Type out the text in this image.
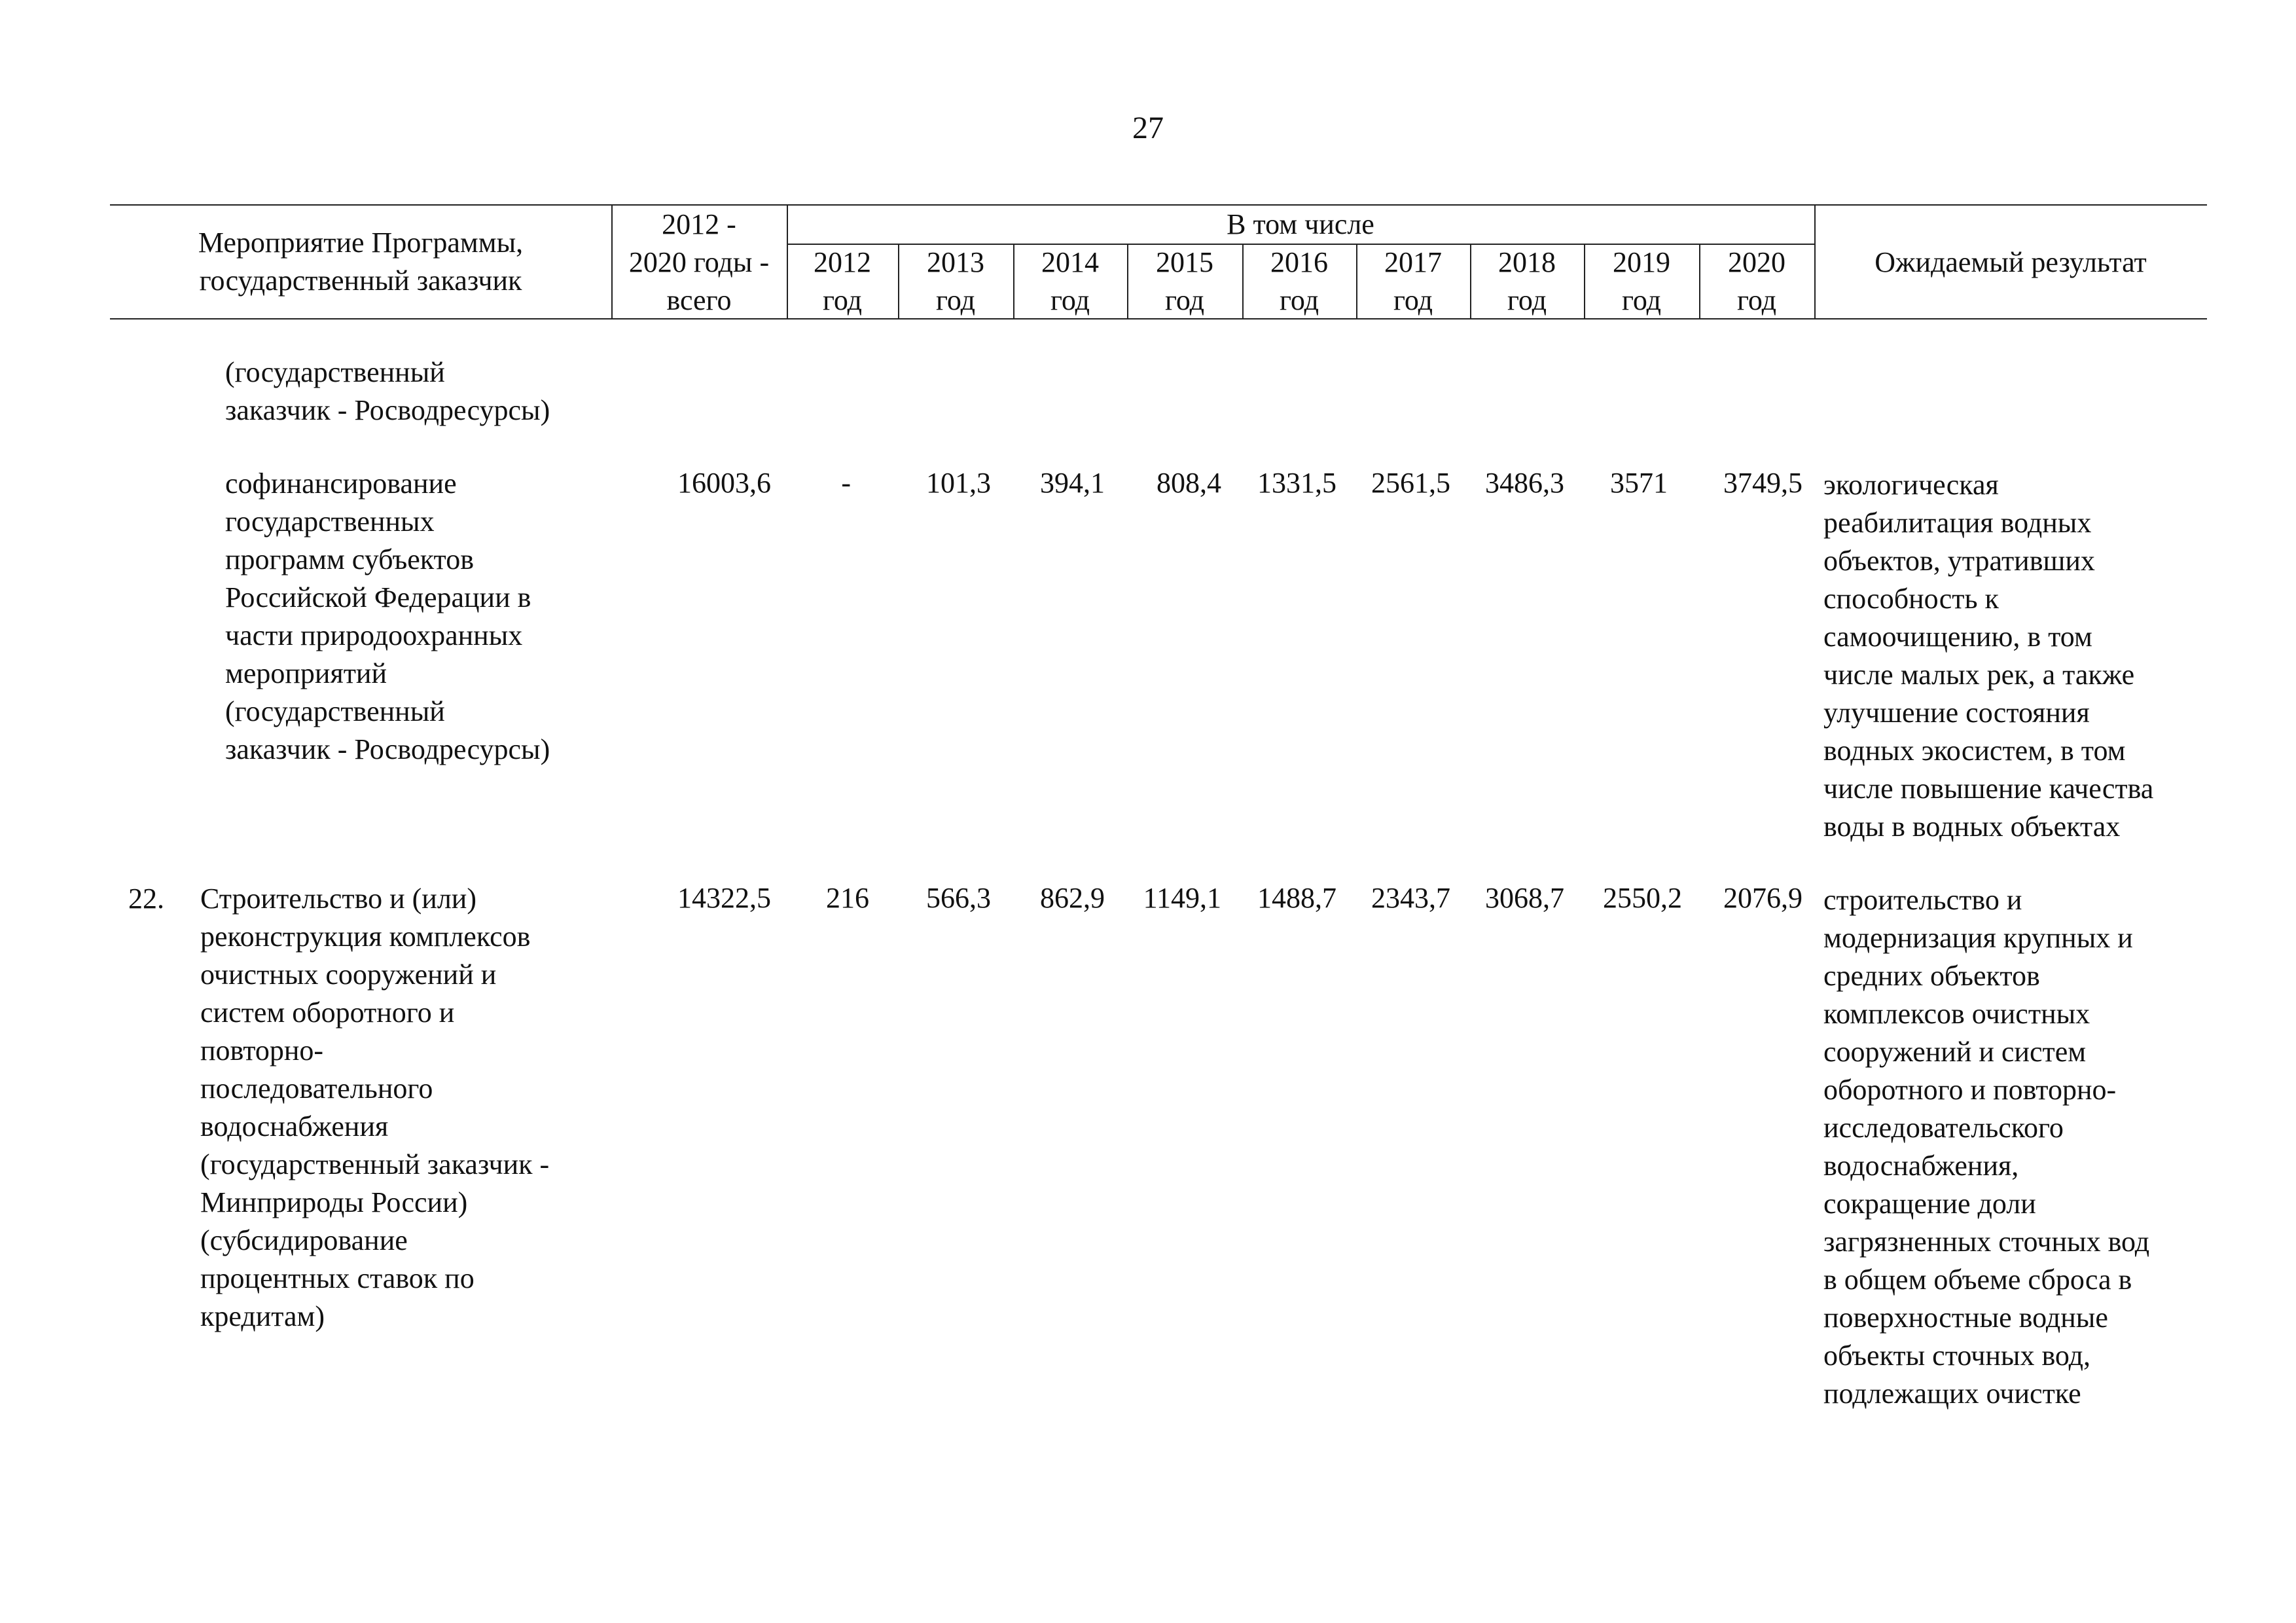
27
Мероприятие Программы,
государственный заказчик
2012 -
2020 годы -
всего
В том числе
2012
год
2013
год
2014
год
2015
год
2016
год
2017
год
2018
год
2019
год
2020
год
Ожидаемый результат
(государственный
заказчик - Росводресурсы)
софинансирование
государственных
программ субъектов
Российской Федерации в
части природоохранных
мероприятий
(государственный
заказчик - Росводресурсы)
16003,6 -	101,3 394,1 808,4 1331,5 2561,5 3486,3 3571 3749,5 экологическая
реабилитация водных
объектов, утративших
способность к
самоочищению, в том
числе малых рек, а также
улучшение состояния
водных экосистем, в том
числе повышение качества
воды в водных объектах
22.	Строительство и (или)
реконструкция комплексов
очистных сооружений и
систем оборотного и
повторно-
последовательного
водоснабжения
(государственный заказчик -
Минприроды России)
(субсидирование
процентных ставок по
кредитам)
14322,5 216 566,3 862,9 1149,1 1488,7 2343,7 3068,7 2550,2 2076,9 строительство и
модернизация крупных и
средних объектов
комплексов очистных
сооружений и систем
оборотного и повторно-
исследовательского
водоснабжения,
сокращение доли
загрязненных сточных вод
в общем объеме сброса в
поверхностные водные
объекты сточных вод,
подлежащих очистке
